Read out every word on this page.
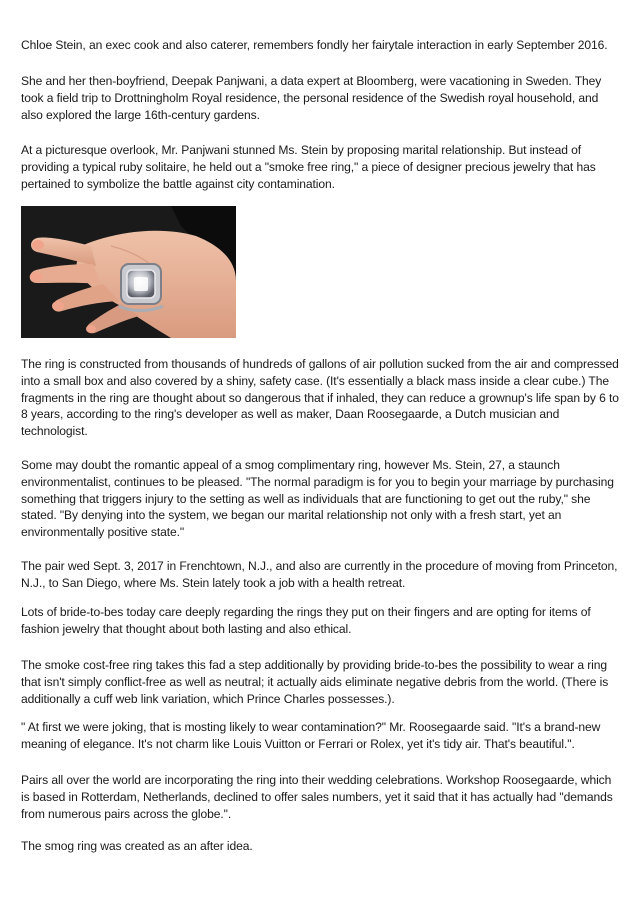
Chloe Stein, an exec cook and also caterer, remembers fondly her fairytale interaction in early September 2016.

She and her then-boyfriend, Deepak Panjwani, a data expert at Bloomberg, were vacationing in Sweden. They took a field trip to Drottningholm Royal residence, the personal residence of the Swedish royal household, and also explored the large 16th-century gardens.

At a picturesque overlook, Mr. Panjwani stunned Ms. Stein by proposing marital relationship. But instead of providing a typical ruby solitaire, he held out a "smoke free ring," a piece of designer precious jewelry that has pertained to symbolize the battle against city contamination.

The ring is constructed from thousands of hundreds of gallons of air pollution sucked from the air and compressed into a small box and also covered by a shiny, safety case. (It's essentially a black mass inside a clear cube.) The fragments in the ring are thought about so dangerous that if inhaled, they can reduce a grownup's life span by 6 to 8 years, according to the ring's developer as well as maker, Daan Roosegaarde, a Dutch musician and technologist.

Some may doubt the romantic appeal of a smog complimentary ring, however Ms. Stein, 27, a staunch environmentalist, continues to be pleased. "The normal paradigm is for you to begin your marriage by purchasing something that triggers injury to the setting as well as individuals that are functioning to get out the ruby," she stated. "By denying into the system, we began our marital relationship not only with a fresh start, yet an environmentally positive state."

The pair wed Sept. 3, 2017 in Frenchtown, N.J., and also are currently in the procedure of moving from Princeton, N.J., to San Diego, where Ms. Stein lately took a job with a health retreat.

Lots of bride-to-bes today care deeply regarding the rings they put on their fingers and are opting for items of fashion jewelry that thought about both lasting and also ethical.

The smoke cost-free ring takes this fad a step additionally by providing bride-to-bes the possibility to wear a ring that isn't simply conflict-free as well as neutral; it actually aids eliminate negative debris from the world. (There is additionally a cuff web link variation, which Prince Charles possesses.).

" At first we were joking, that is mosting likely to wear contamination?" Mr. Roosegaarde said. "It's a brand-new meaning of elegance. It's not charm like Louis Vuitton or Ferrari or Rolex, yet it's tidy air. That's beautiful.".

Pairs all over the world are incorporating the ring into their wedding celebrations. Workshop Roosegaarde, which is based in Rotterdam, Netherlands, declined to offer sales numbers, yet it said that it has actually had "demands from numerous pairs across the globe.".

The smog ring was created as an after idea.
